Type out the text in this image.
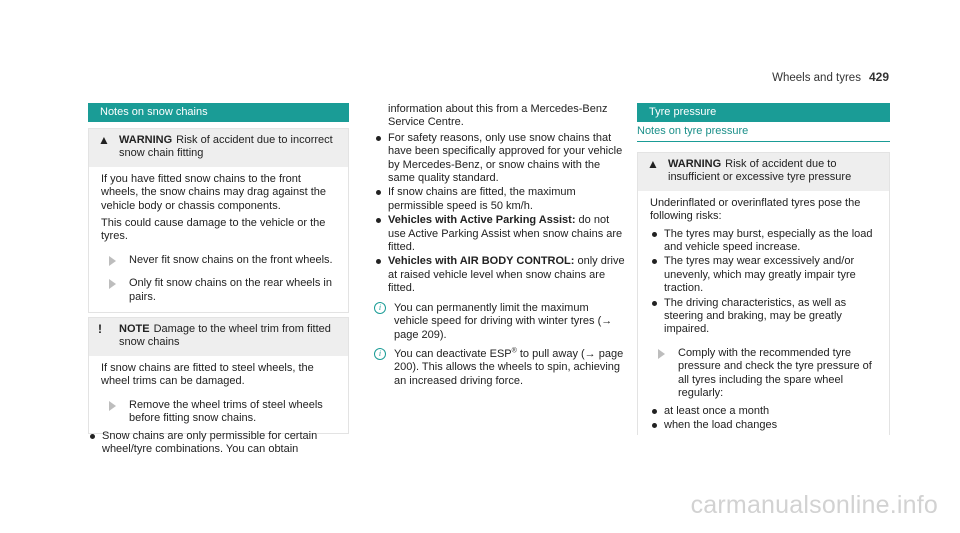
Wheels and tyres 429
Notes on snow chains
▲ WARNING Risk of accident due to incorrect snow chain fitting

If you have fitted snow chains to the front wheels, the snow chains may drag against the vehicle body or chassis components.

This could cause damage to the vehicle or the tyres.

Never fit snow chains on the front wheels.
Only fit snow chains on the rear wheels in pairs.
! NOTE Damage to the wheel trim from fitted snow chains

If snow chains are fitted to steel wheels, the wheel trims can be damaged.

Remove the wheel trims of steel wheels before fitting snow chains.
Snow chains are only permissible for certain wheel/tyre combinations. You can obtain

information about this from a Mercedes-Benz Service Centre.

For safety reasons, only use snow chains that have been specifically approved for your vehicle by Mercedes-Benz, or snow chains with the same quality standard.
If snow chains are fitted, the maximum permissible speed is 50 km/h.
Vehicles with Active Parking Assist: do not use Active Parking Assist when snow chains are fitted.
Vehicles with AIR BODY CONTROL: only drive at raised vehicle level when snow chains are fitted.
i	You can permanently limit the maximum vehicle speed for driving with winter tyres (→ page 209).
i	You can deactivate ESP® to pull away (→ page 200). This allows the wheels to spin, achieving an increased driving force.
Tyre pressure
Notes on tyre pressure
▲ WARNING Risk of accident due to insufficient or excessive tyre pressure

Underinflated or overinflated tyres pose the following risks:

The tyres may burst, especially as the load and vehicle speed increase.
The tyres may wear excessively and/or unevenly, which may greatly impair tyre traction.
The driving characteristics, as well as steering and braking, may be greatly impaired.
Comply with the recommended tyre pressure and check the tyre pressure of all tyres including the spare wheel regularly:
at least once a month
when the load changes
carmanualsonline.info
